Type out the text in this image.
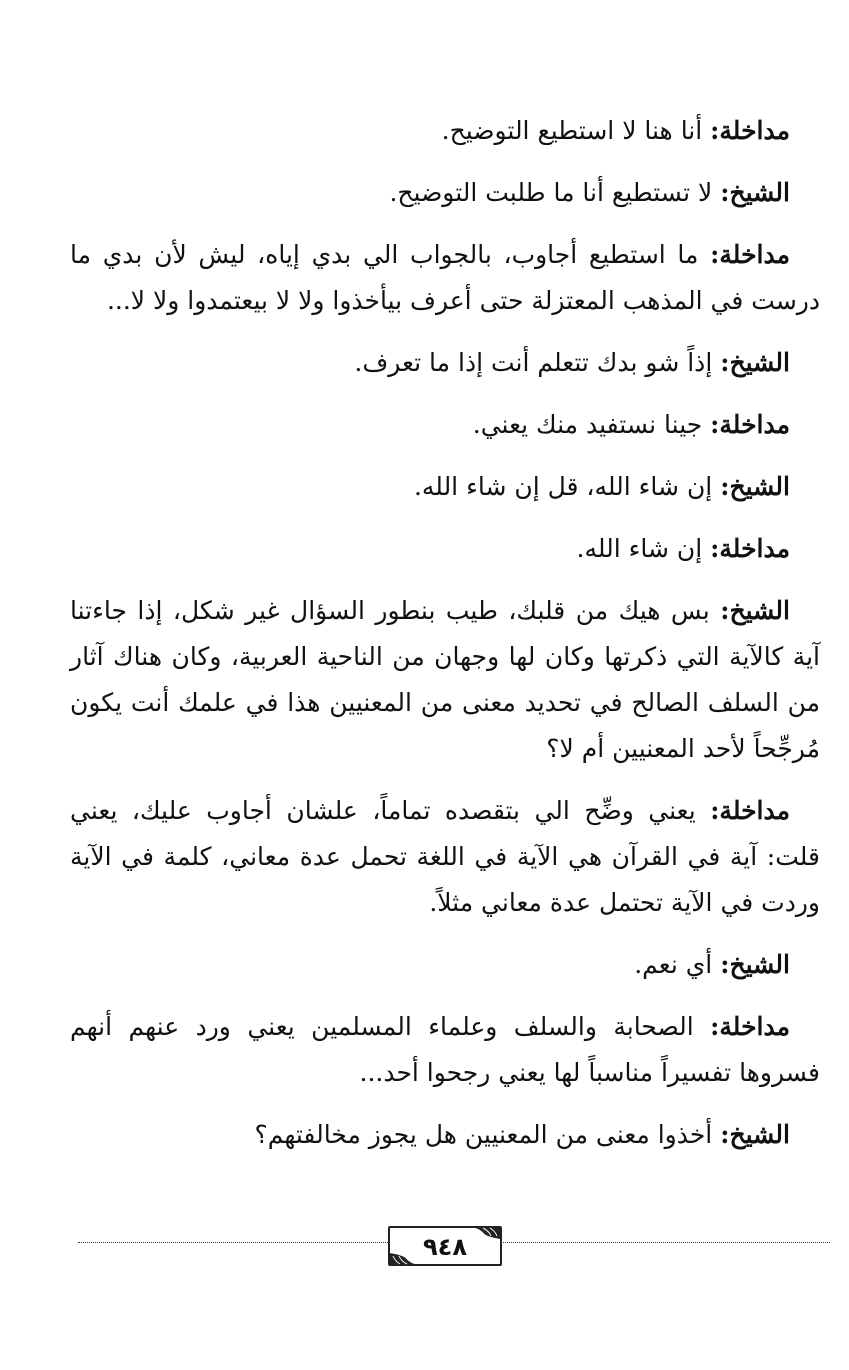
مداخلة: أنا هنا لا استطيع التوضيح.

الشيخ: لا تستطيع أنا ما طلبت التوضيح.

مداخلة: ما استطيع أجاوب، بالجواب الي بدي إياه، ليش لأن بدي ما درست في المذهب المعتزلة حتى أعرف بيأخذوا ولا لا بيعتمدوا ولا لا...

الشيخ: إذاً شو بدك تتعلم أنت إذا ما تعرف.

مداخلة: جينا نستفيد منك يعني.

الشيخ: إن شاء الله، قل إن شاء الله.

مداخلة: إن شاء الله.

الشيخ: بس هيك من قلبك، طيب بنطور السؤال غير شكل، إذا جاءتنا آية كالآية التي ذكرتها وكان لها وجهان من الناحية العربية، وكان هناك آثار من السلف الصالح في تحديد معنى من المعنيين هذا في علمك أنت يكون مُرجِّحاً لأحد المعنيين أم لا؟

مداخلة: يعني وضِّح الي بتقصده تماماً، علشان أجاوب عليك، يعني قلت: آية في القرآن هي الآية في اللغة تحمل عدة معاني، كلمة في الآية وردت في الآية تحتمل عدة معاني مثلاً.

الشيخ: أي نعم.

مداخلة: الصحابة والسلف وعلماء المسلمين يعني ورد عنهم أنهم فسروها تفسيراً مناسباً لها يعني رجحوا أحد...

الشيخ: أخذوا معنى من المعنيين هل يجوز مخالفتهم؟

٩٤٨
